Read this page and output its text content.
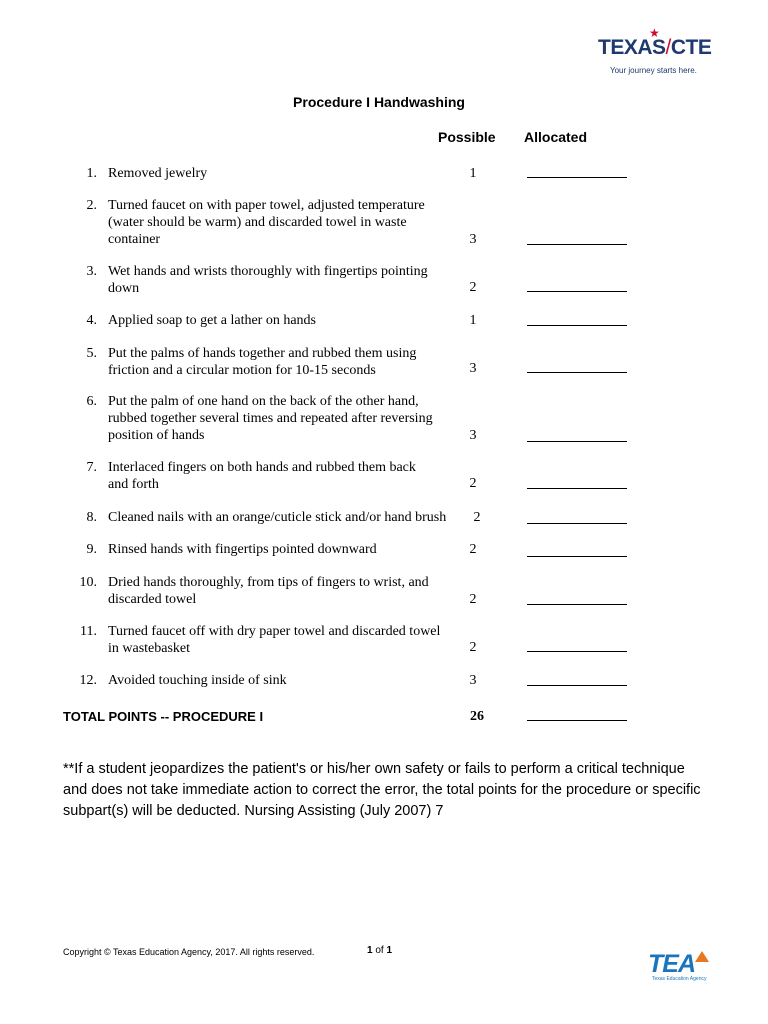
★
TEXAS/CTE
Your journey starts here.
Procedure I Handwashing
Possible Allocated
1. Removed jewelry	1
2. Turned faucet on with paper towel, adjusted temperature (water should be warm) and discarded towel in waste container	3
3. Wet hands and wrists thoroughly with fingertips pointing down	2
4. Applied soap to get a lather on hands	1
5. Put the palms of hands together and rubbed them using friction and a circular motion for 10-15 seconds	3
6. Put the palm of one hand on the back of the other hand, rubbed together several times and repeated after reversing position of hands	3
7. Interlaced fingers on both hands and rubbed them back and forth	2
8. Cleaned nails with an orange/cuticle stick and/or hand brush	2
9. Rinsed hands with fingertips pointed downward	2
10. Dried hands thoroughly, from tips of fingers to wrist, and discarded towel	2
11. Turned faucet off with dry paper towel and discarded towel in wastebasket	2
12. Avoided touching inside of sink	3
TOTAL POINTS -- PROCEDURE I	26
**If a student jeopardizes the patient's or his/her own safety or fails to perform a critical technique and does not take immediate action to correct the error, the total points for the procedure or specific subpart(s) will be deducted. Nursing Assisting (July 2007) 7
Copyright © Texas Education Agency, 2017. All rights reserved.	1 of 1	TEA
Texas Education Agency
